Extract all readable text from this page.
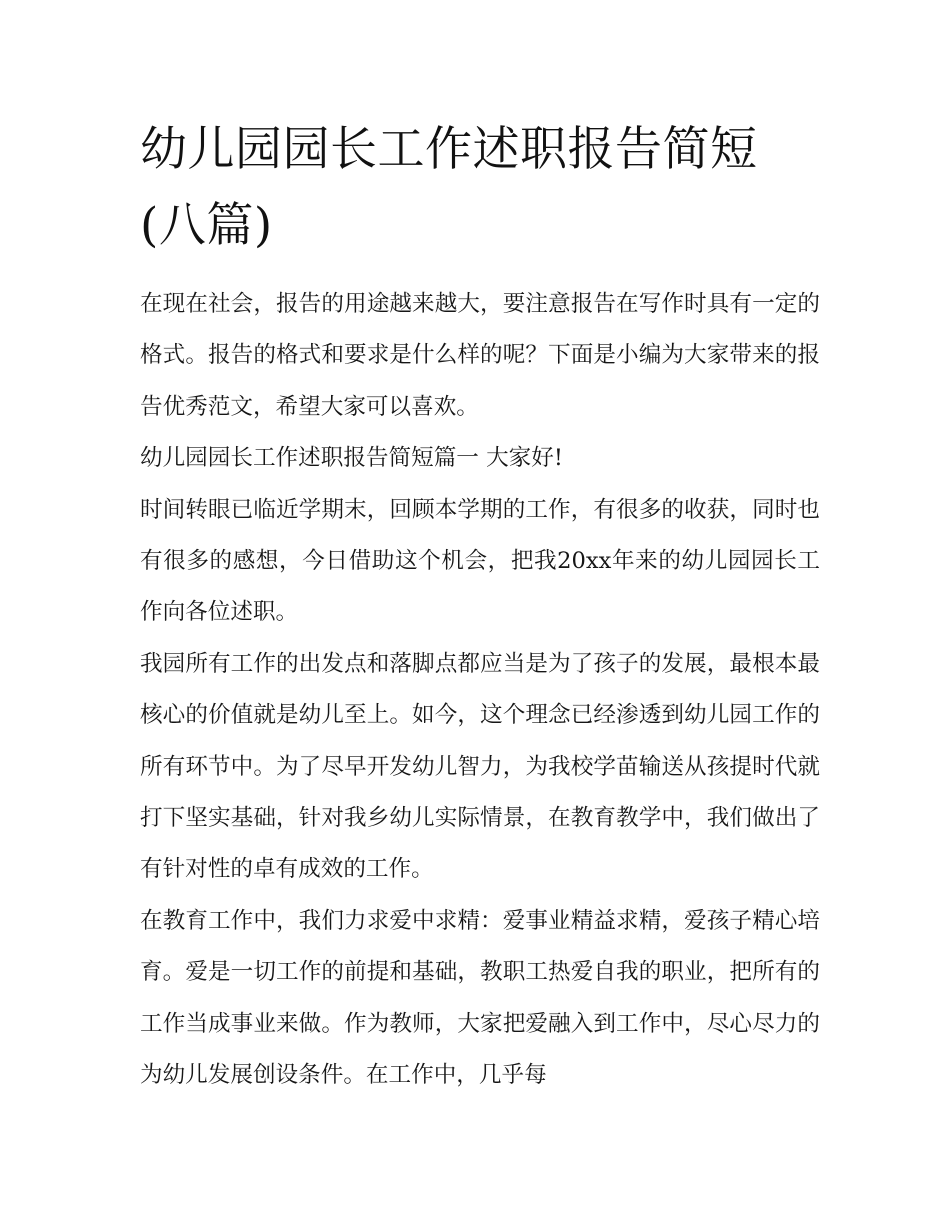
幼儿园园长工作述职报告简短(八篇)

在现在社会，报告的用途越来越大，要注意报告在写作时具有一定的格式。报告的格式和要求是什么样的呢？下面是小编为大家带来的报告优秀范文，希望大家可以喜欢。

幼儿园园长工作述职报告简短篇一 大家好!

时间转眼已临近学期末，回顾本学期的工作，有很多的收获，同时也有很多的感想，今日借助这个机会，把我20xx年来的幼儿园园长工作向各位述职。

我园所有工作的出发点和落脚点都应当是为了孩子的发展，最根本最核心的价值就是幼儿至上。如今，这个理念已经渗透到幼儿园工作的所有环节中。为了尽早开发幼儿智力，为我校学苗输送从孩提时代就打下坚实基础，针对我乡幼儿实际情景，在教育教学中，我们做出了有针对性的卓有成效的工作。

在教育工作中，我们力求爱中求精：爱事业精益求精，爱孩子精心培育。爱是一切工作的前提和基础，教职工热爱自我的职业，把所有的工作当成事业来做。作为教师，大家把爱融入到工作中，尽心尽力的为幼儿发展创设条件。在工作中，几乎每
